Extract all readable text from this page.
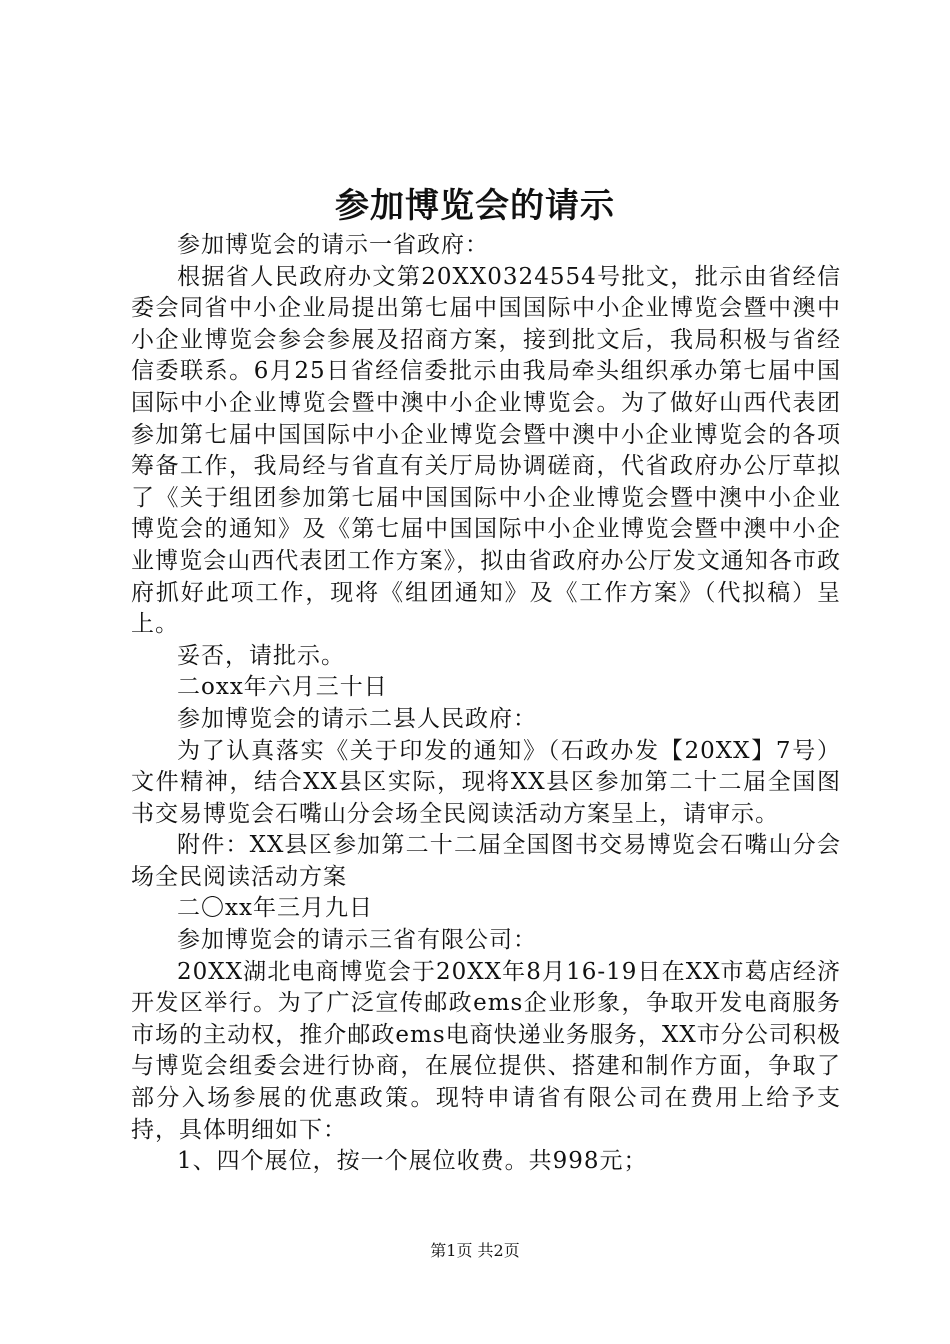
参加博览会的请示

参加博览会的请示一省政府：

根据省人民政府办文第20XX0324554号批文，批示由省经信委会同省中小企业局提出第七届中国国际中小企业博览会暨中澳中小企业博览会参会参展及招商方案，接到批文后，我局积极与省经信委联系。6月25日省经信委批示由我局牵头组织承办第七届中国国际中小企业博览会暨中澳中小企业博览会。为了做好山西代表团参加第七届中国国际中小企业博览会暨中澳中小企业博览会的各项筹备工作，我局经与省直有关厅局协调磋商，代省政府办公厅草拟了《关于组团参加第七届中国国际中小企业博览会暨中澳中小企业博览会的通知》及《第七届中国国际中小企业博览会暨中澳中小企业博览会山西代表团工作方案》，拟由省政府办公厅发文通知各市政府抓好此项工作，现将《组团通知》及《工作方案》（代拟稿）呈上。

妥否，请批示。

二oxx年六月三十日

参加博览会的请示二县人民政府：

为了认真落实《关于印发的通知》（石政办发【20XX】7号）文件精神，结合XX县区实际，现将XX县区参加第二十二届全国图书交易博览会石嘴山分会场全民阅读活动方案呈上，请审示。

附件：XX县区参加第二十二届全国图书交易博览会石嘴山分会场全民阅读活动方案

二〇xx年三月九日

参加博览会的请示三省有限公司：

20XX湖北电商博览会于20XX年8月16-19日在XX市葛店经济开发区举行。为了广泛宣传邮政ems企业形象，争取开发电商服务市场的主动权，推介邮政ems电商快递业务服务，XX市分公司积极与博览会组委会进行协商，在展位提供、搭建和制作方面，争取了部分入场参展的优惠政策。现特申请省有限公司在费用上给予支持，具体明细如下：

1、四个展位，按一个展位收费。共998元；

第1页 共2页
